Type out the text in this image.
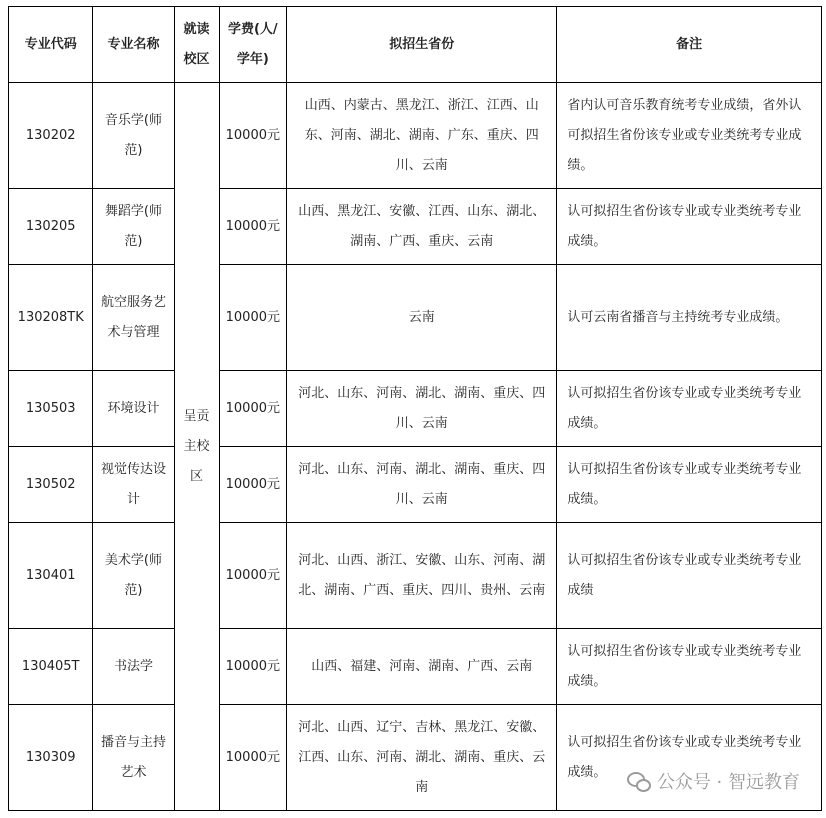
专业代码	专业名称	就读校区	学费(人/学年)	拟招生省份	备注
130202	音乐学(师范)	呈贡主校区	10000元	山西、内蒙古、黑龙江、浙江、江西、山东、河南、湖北、湖南、广东、重庆、四川、云南	省内认可音乐教育统考专业成绩，省外认可拟招生省份该专业或专业类统考专业成绩。
130205	舞蹈学(师范)		10000元	山西、黑龙江、安徽、江西、山东、湖北、湖南、广西、重庆、云南	认可拟招生省份该专业或专业类统考专业成绩。
130208TK	航空服务艺术与管理		10000元	云南	认可云南省播音与主持统考专业成绩。
130503	环境设计		10000元	河北、山东、河南、湖北、湖南、重庆、四川、云南	认可拟招生省份该专业或专业类统考专业成绩。
130502	视觉传达设计		10000元	河北、山东、河南、湖北、湖南、重庆、四川、云南	认可拟招生省份该专业或专业类统考专业成绩。
130401	美术学(师范)		10000元	河北、山西、浙江、安徽、山东、河南、湖北、湖南、广西、重庆、四川、贵州、云南	认可拟招生省份该专业或专业类统考专业成绩
130405T	书法学		10000元	山西、福建、河南、湖南、广西、云南	认可拟招生省份该专业或专业类统考专业成绩。
130309	播音与主持艺术		10000元	河北、山西、辽宁、吉林、黑龙江、安徽、江西、山东、河南、湖北、湖南、重庆、云南	认可拟招生省份该专业或专业类统考专业成绩。	公众号 · 智远教育
